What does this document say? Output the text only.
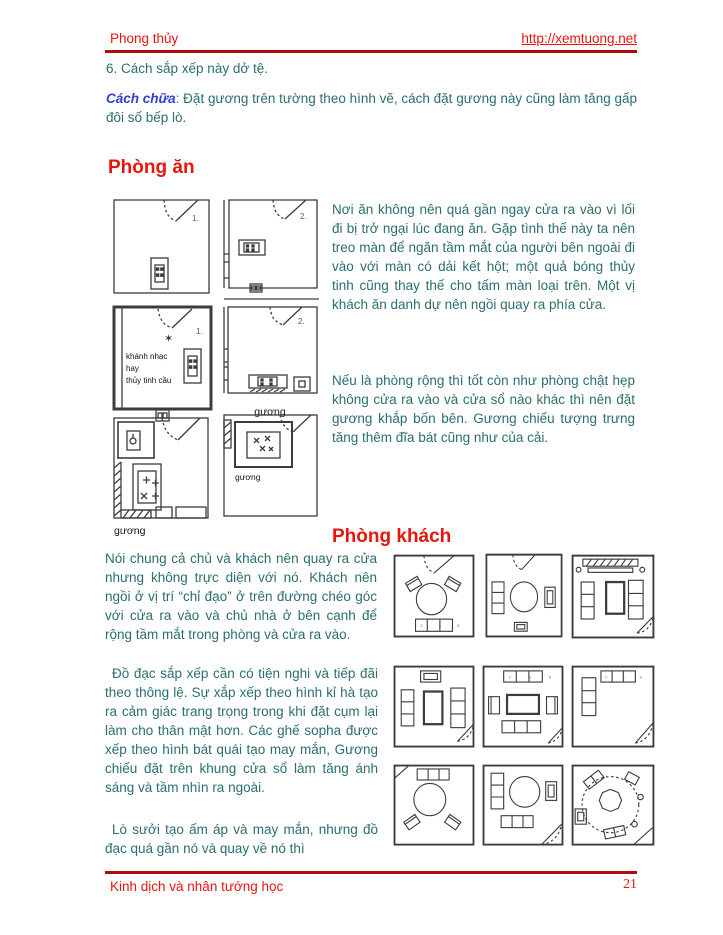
Phong thủy	http://xemtuong.net
6. Cách sắp xếp này dở tệ.
Cách chữa: Đặt gương trên tường theo hình vẽ, cách đặt gương này cũng làm tăng gấp đôi số bếp lò.
Phòng ăn
1.	2.
✶
1.
khánh nhạc
hay
thủy tinh cầu
2.
gương
gương
gương
Nơi ăn không nên quá gần ngay cửa ra vào vì lối đi bị trở ngại lúc đang ăn. Gặp tình thế này ta nên treo màn để ngăn tầm mắt của người bên ngoài đi vào với màn có dải kết hột; một quả bóng thủy tinh cũng thay thế cho tấm màn loại trên. Một vị khách ăn danh dự nên ngồi quay ra phía cửa.
Nếu là phòng rộng thì tốt còn như phòng chật hẹp không cửa ra vào và cửa sổ nào khác thì nên đặt gương khắp bốn bên. Gương chiếu tượng trưng tăng thêm đĩa bát cũng như của cải.
Phòng khách
Nói chung cả chủ và khách nên quay ra cửa nhưng không trực diện với nó. Khách nên ngồi ở vị trí “chỉ đạo” ở trên đường chéo góc với cửa ra vào và chủ nhà ở bên cạnh để rộng tầm mắt trong phòng và cửa ra vào.
Đồ đạc sắp xếp cần có tiện nghi và tiếp đãi theo thông lệ. Sự xắp xếp theo hình kỉ hà tạo ra cảm giác trang trọng trong khi đặt cụm lại làm cho thân mật hơn. Các ghế sopha được xếp theo hình bát quái tạo may mắn, Gương chiếu đặt trên khung cửa sổ làm tăng ánh sáng và tầm nhìn ra ngoài.
Lò sưởi tạo ấm áp và may mắn, nhưng đồ đạc quá gần nó và quay về nó thì
c s s
c s s	c s s
Kinh dịch và nhân tướng học	21
